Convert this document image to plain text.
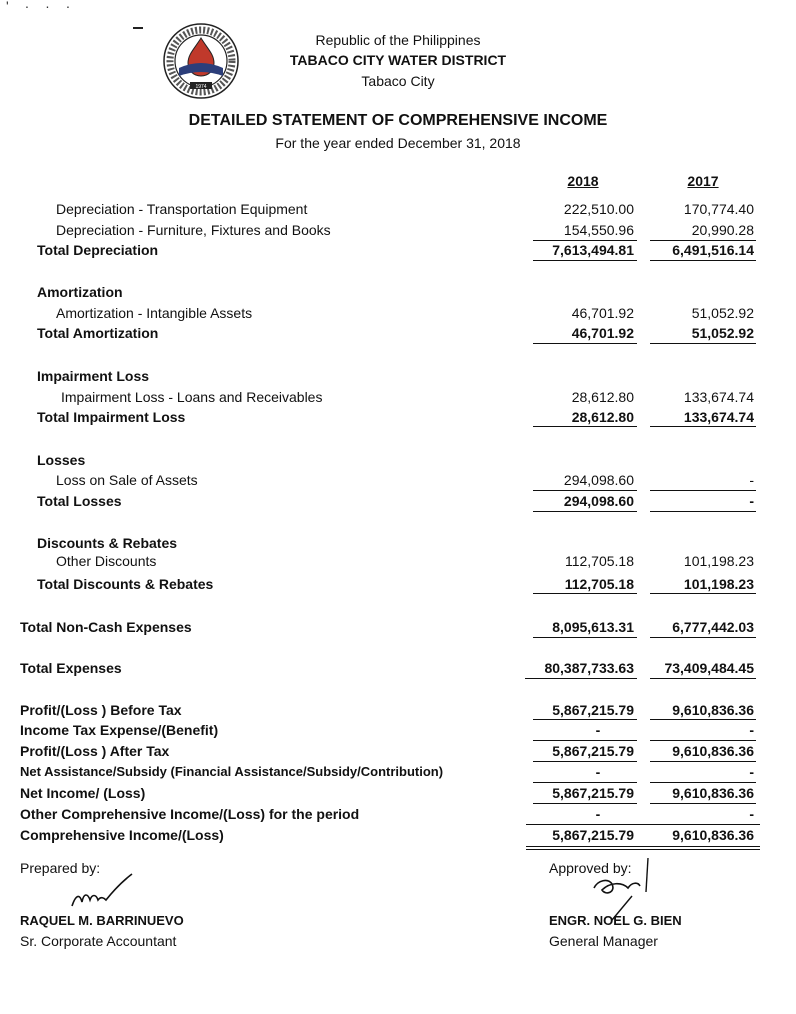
' · · ·
1974
Republic of the Philippines
TABACO CITY WATER DISTRICT
Tabaco City
DETAILED STATEMENT OF COMPREHENSIVE INCOME
For the year ended December 31, 2018
2018	2017
Depreciation - Transportation Equipment	222,510.00	170,774.40
Depreciation - Furniture, Fixtures and Books	154,550.96	20,990.28
Total Depreciation	7,613,494.81	6,491,516.14
Amortization
Amortization - Intangible Assets	46,701.92	51,052.92
Total Amortization	46,701.92	51,052.92
Impairment Loss
Impairment Loss - Loans and Receivables	28,612.80	133,674.74
Total Impairment Loss	28,612.80	133,674.74
Losses
Loss on Sale of Assets	294,098.60	-
Total Losses	294,098.60	-
Discounts & Rebates
Other Discounts	112,705.18	101,198.23
Total Discounts & Rebates	112,705.18	101,198.23
Total Non-Cash Expenses	8,095,613.31	6,777,442.03
Total Expenses	80,387,733.63	73,409,484.45
Profit/(Loss ) Before Tax	5,867,215.79	9,610,836.36
Income Tax Expense/(Benefit)	-	-
Profit/(Loss ) After Tax	5,867,215.79	9,610,836.36
Net Assistance/Subsidy (Financial Assistance/Subsidy/Contribution)	-	-
Net Income/ (Loss)	5,867,215.79	9,610,836.36
Other Comprehensive Income/(Loss) for the period	-	-
Comprehensive Income/(Loss)	5,867,215.79	9,610,836.36
Prepared by:
RAQUEL M. BARRINUEVO
Sr. Corporate Accountant
Approved by:
ENGR. NOEL G. BIEN
General Manager
